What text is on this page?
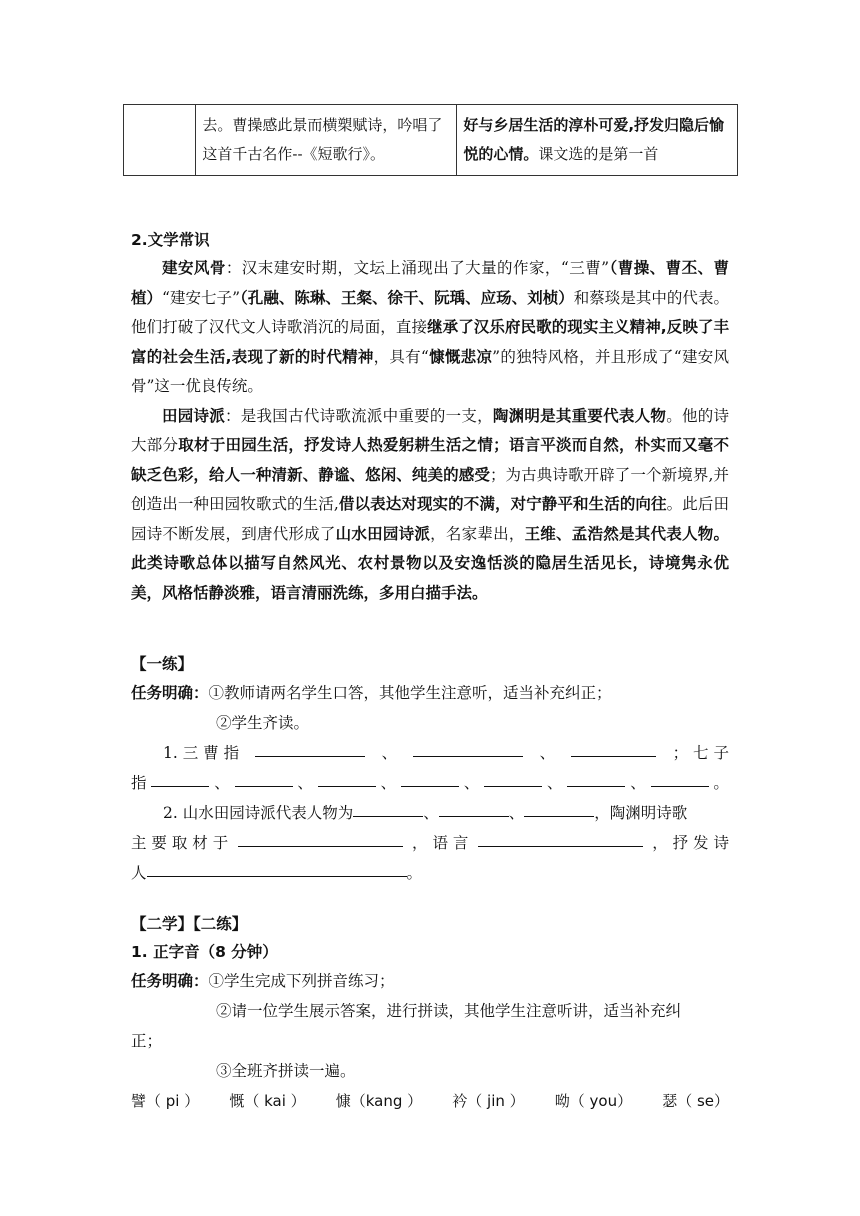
	去。曹操感此景而横槊赋诗，吟唱了这首千古名作--《短歌行》。	好与乡居生活的淳朴可爱,抒发归隐后愉悦的心情。课文选的是第一首

2.文学常识

建安风骨：汉末建安时期，文坛上涌现出了大量的作家，“三曹”（曹操、曹丕、曹植）“建安七子”（孔融、陈琳、王粲、徐干、阮瑀、应玚、刘桢）和蔡琰是其中的代表。他们打破了汉代文人诗歌消沉的局面，直接继承了汉乐府民歌的现实主义精神,反映了丰富的社会生活,表现了新的时代精神，具有“慷慨悲凉”的独特风格，并且形成了“建安风骨”这一优良传统。

田园诗派：是我国古代诗歌流派中重要的一支，陶渊明是其重要代表人物。他的诗大部分取材于田园生活，抒发诗人热爱躬耕生活之情；语言平淡而自然，朴实而又毫不缺乏色彩，给人一种清新、静谧、悠闲、纯美的感受；为古典诗歌开辟了一个新境界,并创造出一种田园牧歌式的生活,借以表达对现实的不满，对宁静平和生活的向往。此后田园诗不断发展，到唐代形成了山水田园诗派，名家辈出，王维、孟浩然是其代表人物。此类诗歌总体以描写自然风光、农村景物以及安逸恬淡的隐居生活见长，诗境隽永优美，风格恬静淡雅，语言清丽洗练，多用白描手法。

【一练】

任务明确：①教师请两名学生口答，其他学生注意听，适当补充纠正；

②学生齐读。

1. 三 曹 指	、	、	； 七 子
指	、	、	、	、	、	、	。
2. 山水田园诗派代表人物为	、	、	，陶渊明诗歌
主 要 取 材 于	， 语 言	， 抒 发 诗
人	。

【二学】【二练】

1. 正字音（8 分钟）

任务明确：①学生完成下列拼音练习；

②请一位学生展示答案，进行拼读，其他学生注意听讲，适当补充纠

正；

③全班齐拼读一遍。

譬（ pi ） 慨（ kai ） 慷（kang ） 衿（ jin ） 呦（ you） 瑟（ se）
